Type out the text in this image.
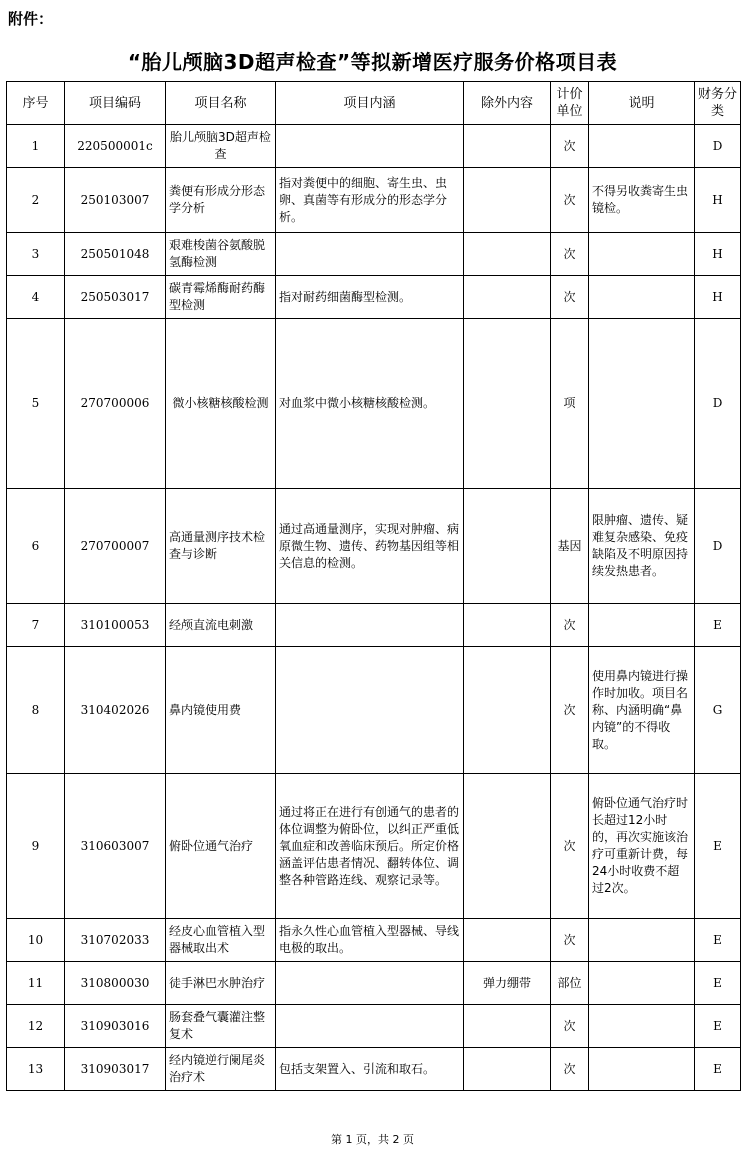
附件：
“胎儿颅脑3D超声检查”等拟新增医疗服务价格项目表
序号	项目编码	项目名称	项目内涵	除外内容	计价单位	说明	财务分类
1	220500001c	胎儿颅脑3D超声检查			次		D
2	250103007	粪便有形成分形态学分析	指对粪便中的细胞、寄生虫、虫卵、真菌等有形成分的形态学分析。		次	不得另收粪寄生虫镜检。	H
3	250501048	艰难梭菌谷氨酸脱氢酶检测			次		H
4	250503017	碳青霉烯酶耐药酶型检测	指对耐药细菌酶型检测。		次		H
5	270700006	微小核糖核酸检测	对血浆中微小核糖核酸检测。		项		D
6	270700007	高通量测序技术检查与诊断	通过高通量测序，实现对肿瘤、病原微生物、遗传、药物基因组等相关信息的检测。		基因	限肿瘤、遗传、疑难复杂感染、免疫缺陷及不明原因持续发热患者。	D
7	310100053	经颅直流电刺激			次		E
8	310402026	鼻内镜使用费			次	使用鼻内镜进行操作时加收。项目名称、内涵明确“鼻内镜”的不得收取。	G
9	310603007	俯卧位通气治疗	通过将正在进行有创通气的患者的体位调整为俯卧位，以纠正严重低氧血症和改善临床预后。所定价格涵盖评估患者情况、翻转体位、调整各种管路连线、观察记录等。		次	俯卧位通气治疗时长超过12小时的，再次实施该治疗可重新计费，每24小时收费不超过2次。	E
10	310702033	经皮心血管植入型器械取出术	指永久性心血管植入型器械、导线电极的取出。		次		E
11	310800030	徒手淋巴水肿治疗		弹力绷带	部位		E
12	310903016	肠套叠气囊灌注整复术			次		E
13	310903017	经内镜逆行阑尾炎治疗术	包括支架置入、引流和取石。		次		E
第 1 页，共 2 页
